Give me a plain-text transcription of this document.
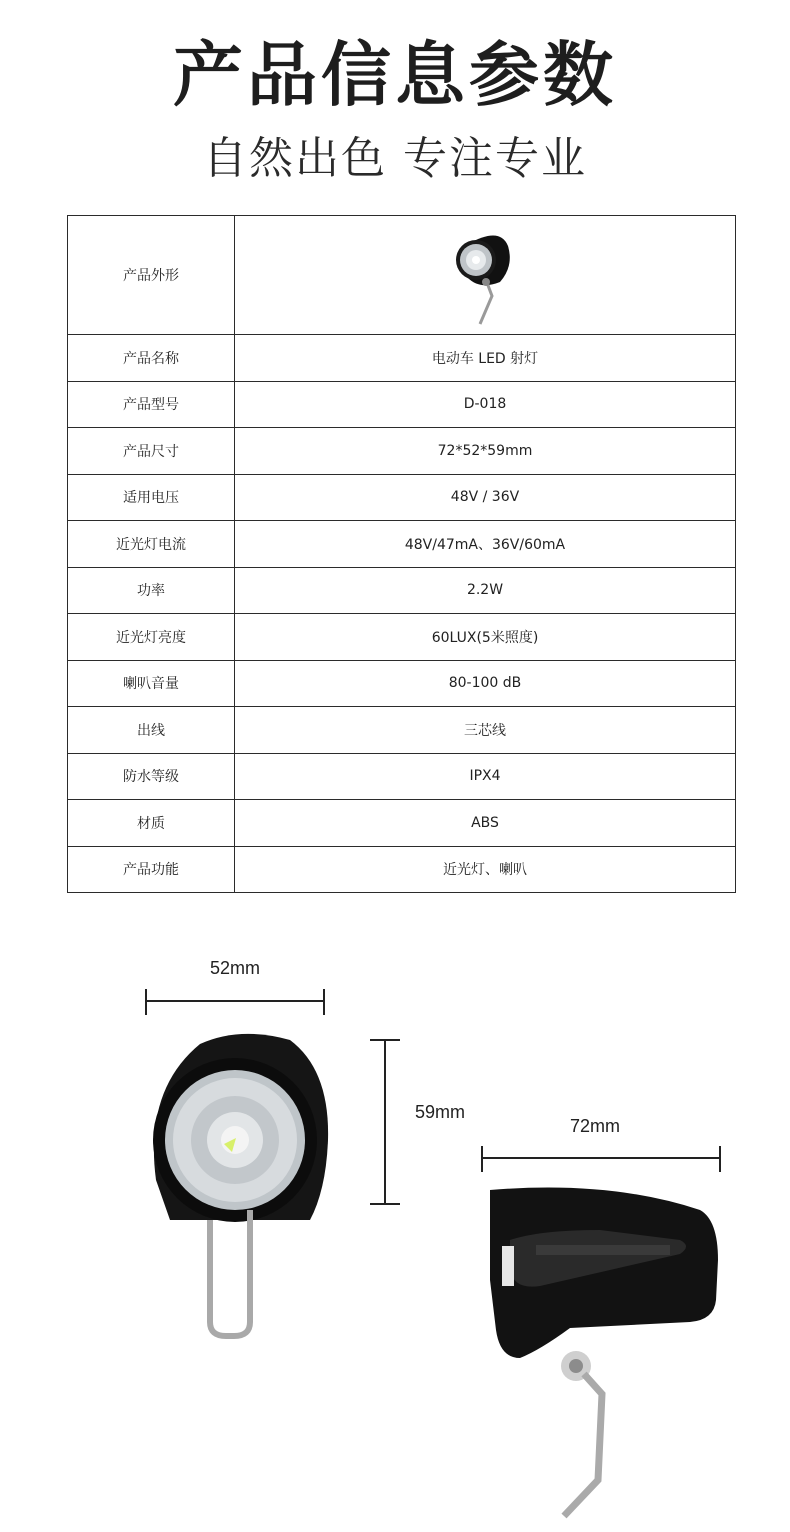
产品信息参数
自然出色 专注专业
产品外形	

产品名称	电动车 LED 射灯
产品型号	D-018
产品尺寸	72*52*59mm
适用电压	48V / 36V
近光灯电流	48V/47mA、36V/60mA
功率	2.2W
近光灯亮度	60LUX(5米照度)
喇叭音量	80-100 dB
出线	三芯线
防水等级	IPX4
材质	ABS
产品功能	近光灯、喇叭
52mm
59mm
72mm
